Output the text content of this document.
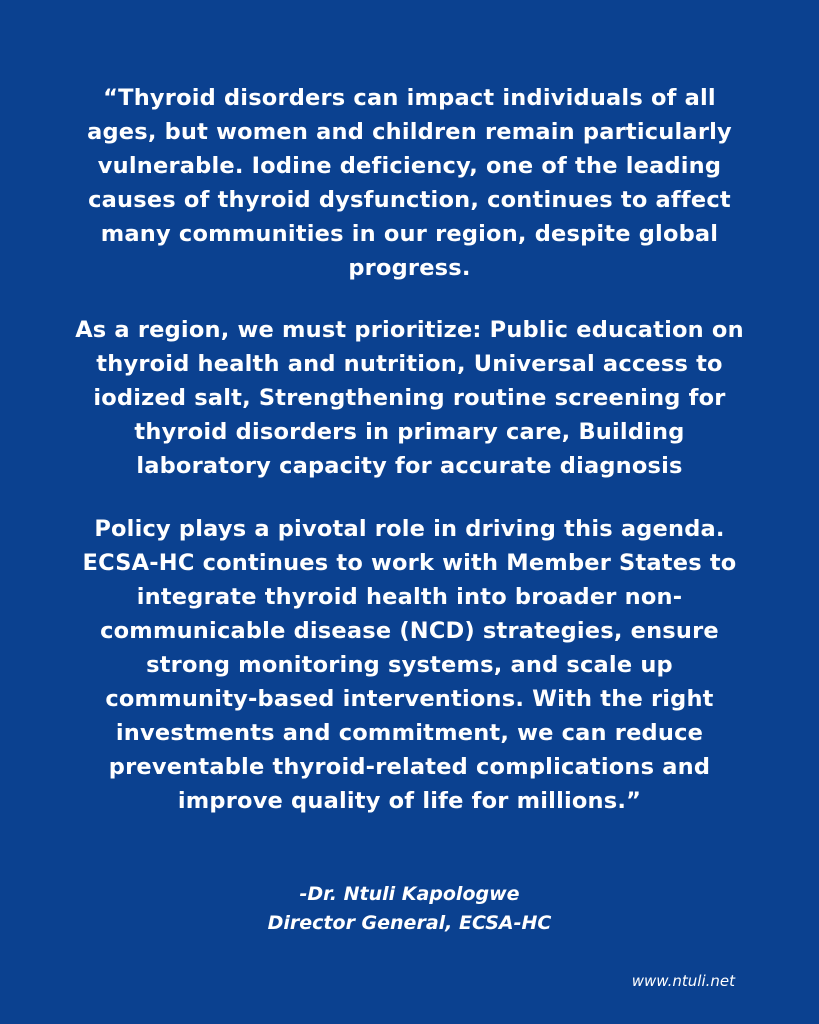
“Thyroid disorders can impact individuals of all ages, but women and children remain particularly vulnerable. Iodine deficiency, one of the leading causes of thyroid dysfunction, continues to affect many communities in our region, despite global progress.

As a region, we must prioritize: Public education on thyroid health and nutrition, Universal access to iodized salt, Strengthening routine screening for thyroid disorders in primary care, Building laboratory capacity for accurate diagnosis

Policy plays a pivotal role in driving this agenda. ECSA-HC continues to work with Member States to integrate thyroid health into broader non-communicable disease (NCD) strategies, ensure strong monitoring systems, and scale up community-based interventions. With the right investments and commitment, we can reduce preventable thyroid-related complications and improve quality of life for millions.”

-Dr. Ntuli Kapologwe
Director General, ECSA-HC
www.ntuli.net
